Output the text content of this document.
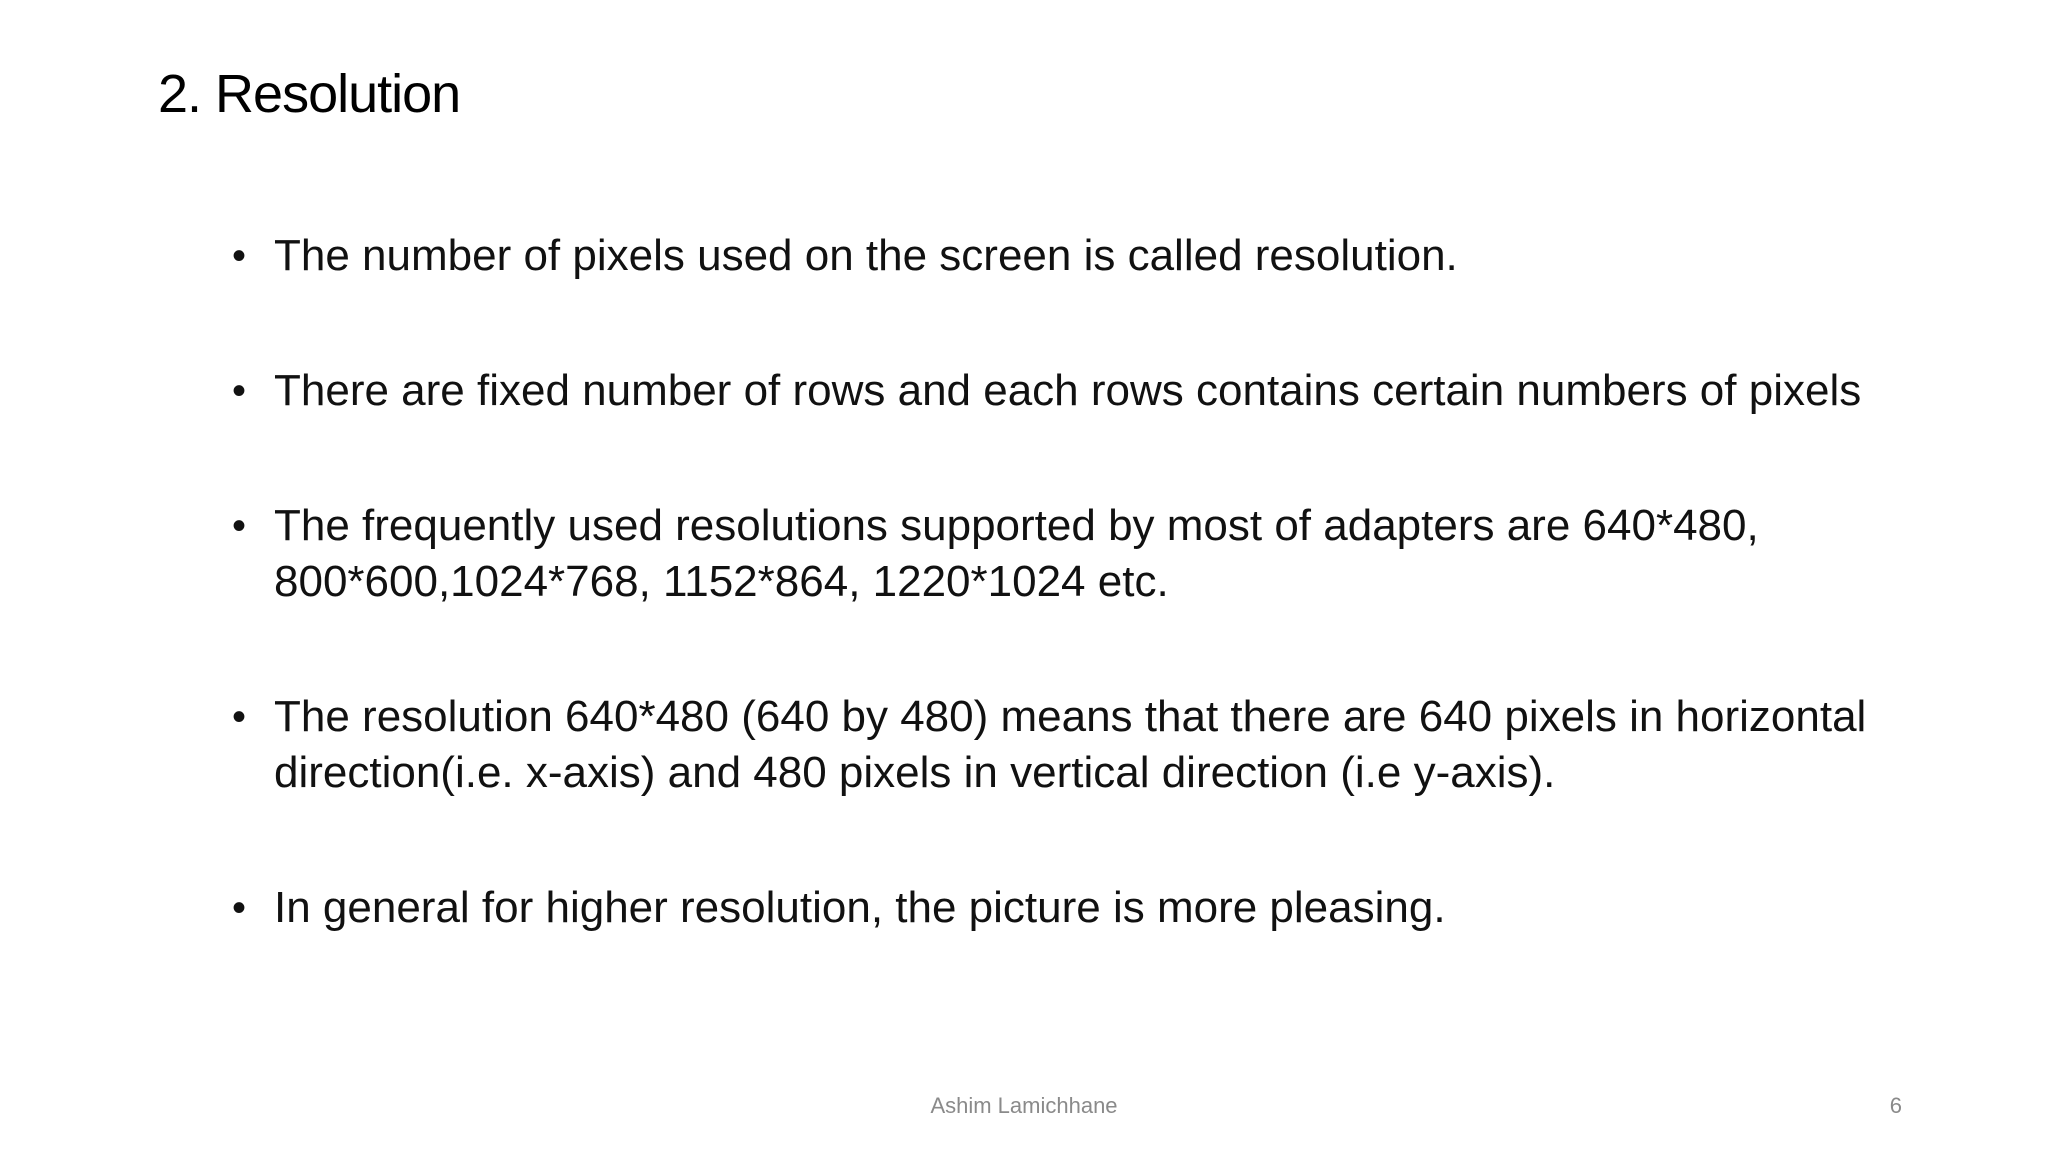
2. Resolution
• The number of pixels used on the screen is called resolution.
• There are fixed number of rows and each rows contains certain numbers of pixels
• The frequently used resolutions supported by most of adapters are 640*480, 800*600,1024*768, 1152*864, 1220*1024 etc.
• The resolution 640*480 (640 by 480) means that there are 640 pixels in horizontal direction(i.e. x-axis) and 480 pixels in vertical direction (i.e y-axis).
• In general for higher resolution, the picture is more pleasing.
Ashim Lamichhane	6
